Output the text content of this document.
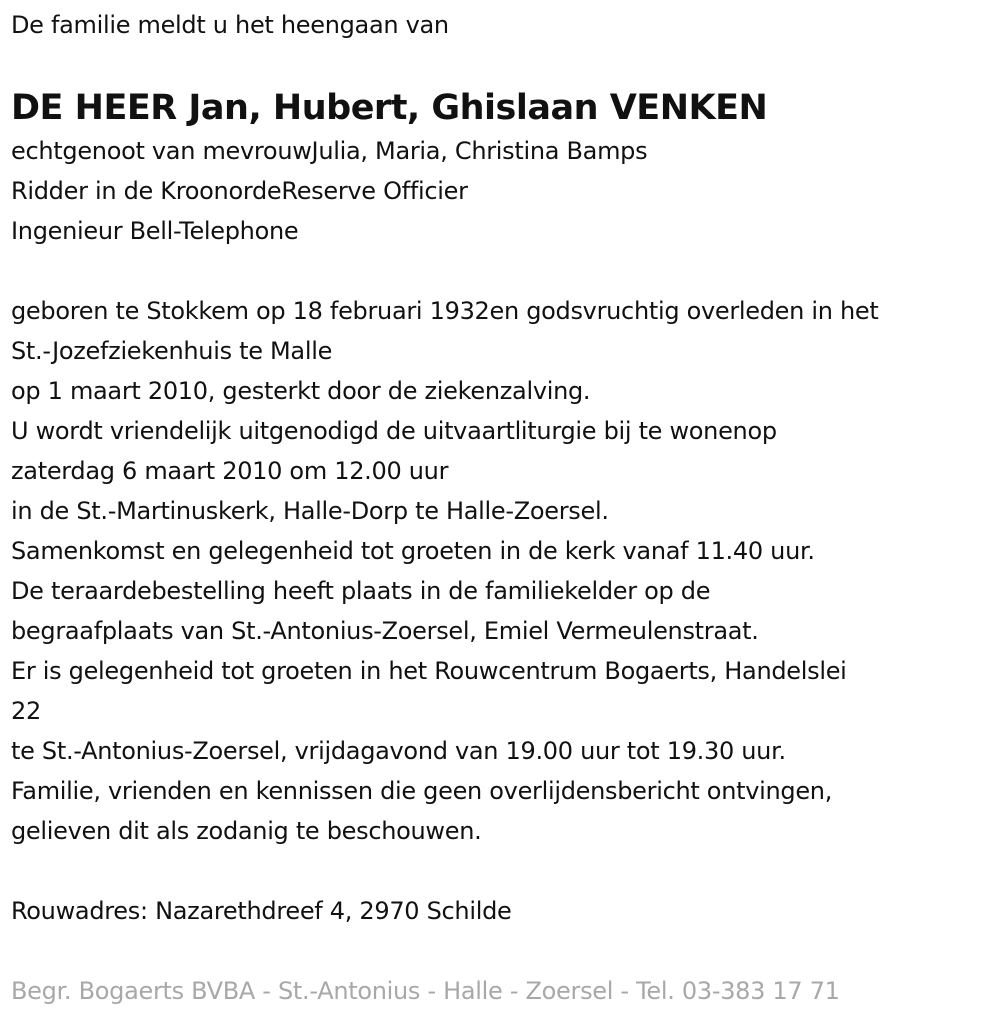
De familie meldt u het heengaan van
DE HEER Jan, Hubert, Ghislaan VENKEN
echtgenoot van mevrouwJulia, Maria, Christina Bamps
Ridder in de KroonordeReserve Officier
Ingenieur Bell-Telephone
geboren te Stokkem op 18 februari 1932en godsvruchtig overleden in het
St.-Jozefziekenhuis te Malle
op 1 maart 2010, gesterkt door de ziekenzalving.
U wordt vriendelijk uitgenodigd de uitvaartliturgie bij te wonenop
zaterdag 6 maart 2010 om 12.00 uur
in de St.-Martinuskerk, Halle-Dorp te Halle-Zoersel.
Samenkomst en gelegenheid tot groeten in de kerk vanaf 11.40 uur.
De teraardebestelling heeft plaats in de familiekelder op de
begraafplaats van St.-Antonius-Zoersel, Emiel Vermeulenstraat.
Er is gelegenheid tot groeten in het Rouwcentrum Bogaerts, Handelslei
22
te St.-Antonius-Zoersel, vrijdagavond van 19.00 uur tot 19.30 uur.
Familie, vrienden en kennissen die geen overlijdensbericht ontvingen,
gelieven dit als zodanig te beschouwen.
Rouwadres: Nazarethdreef 4, 2970 Schilde
Begr. Bogaerts BVBA - St.-Antonius - Halle - Zoersel - Tel. 03-383 17 71
